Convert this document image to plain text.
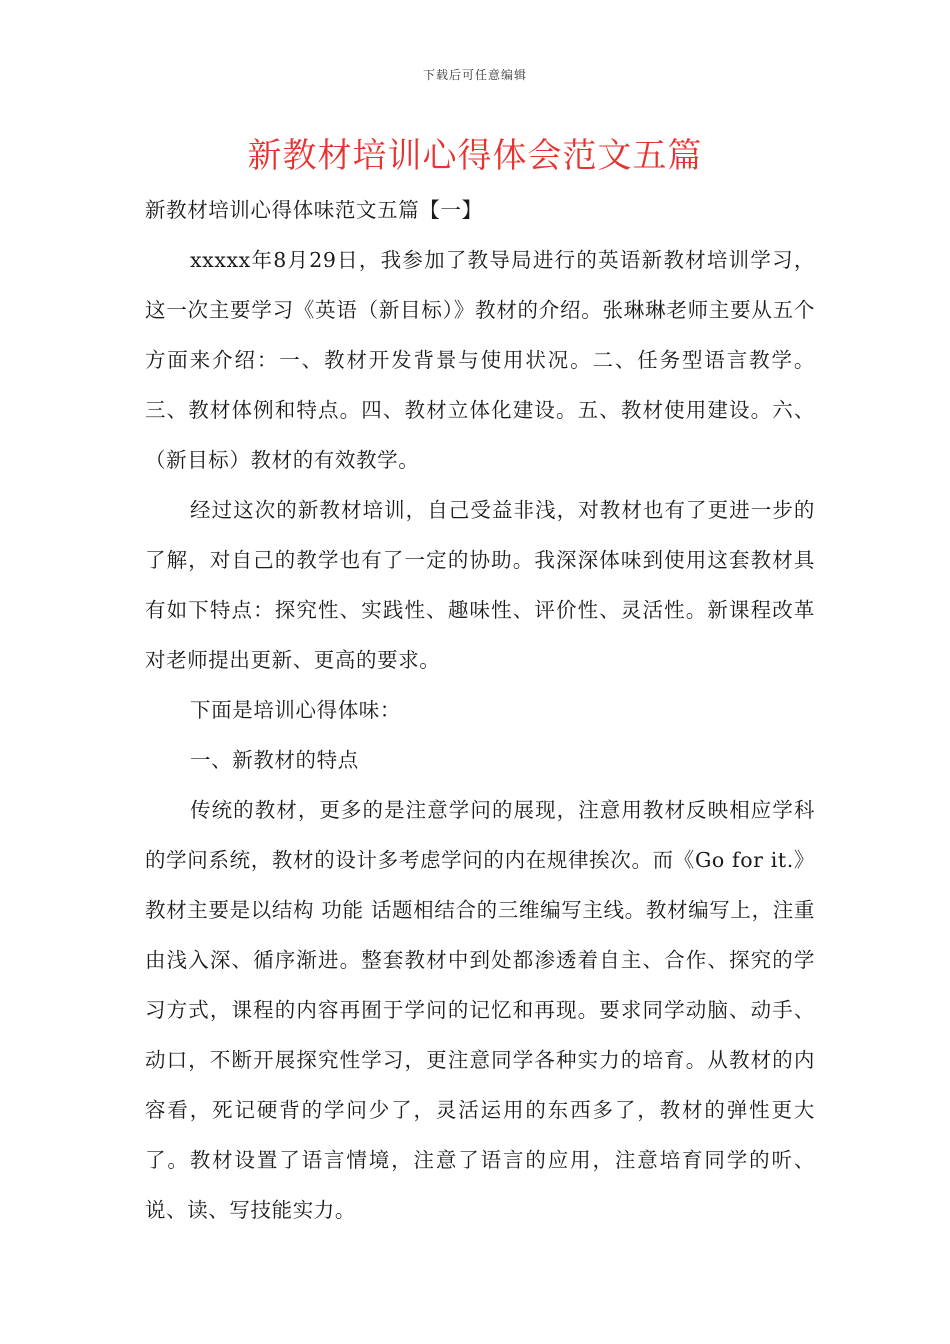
下载后可任意编辑
新教材培训心得体会范文五篇

新教材培训心得体味范文五篇【一】

xxxxx年8月29日，我参加了教导局进行的英语新教材培训学习，这一次主要学习《英语（新目标）》教材的介绍。张琳琳老师主要从五个方面来介绍：一、教材开发背景与使用状况。二、任务型语言教学。三、教材体例和特点。四、教材立体化建设。五、教材使用建设。六、（新目标）教材的有效教学。

经过这次的新教材培训，自己受益非浅，对教材也有了更进一步的了解，对自己的教学也有了一定的协助。我深深体味到使用这套教材具有如下特点：探究性、实践性、趣味性、评价性、灵活性。新课程改革对老师提出更新、更高的要求。

下面是培训心得体味：

一、新教材的特点

传统的教材，更多的是注意学问的展现，注意用教材反映相应学科的学问系统，教材的设计多考虑学问的内在规律挨次。而《Go for it.》教材主要是以结构 功能 话题相结合的三维编写主线。教材编写上，注重由浅入深、循序渐进。整套教材中到处都渗透着自主、合作、探究的学习方式，课程的内容再囿于学问的记忆和再现。要求同学动脑、动手、动口，不断开展探究性学习，更注意同学各种实力的培育。从教材的内容看，死记硬背的学问少了，灵活运用的东西多了，教材的弹性更大了。教材设置了语言情境，注意了语言的应用，注意培育同学的听、说、读、写技能实力。
